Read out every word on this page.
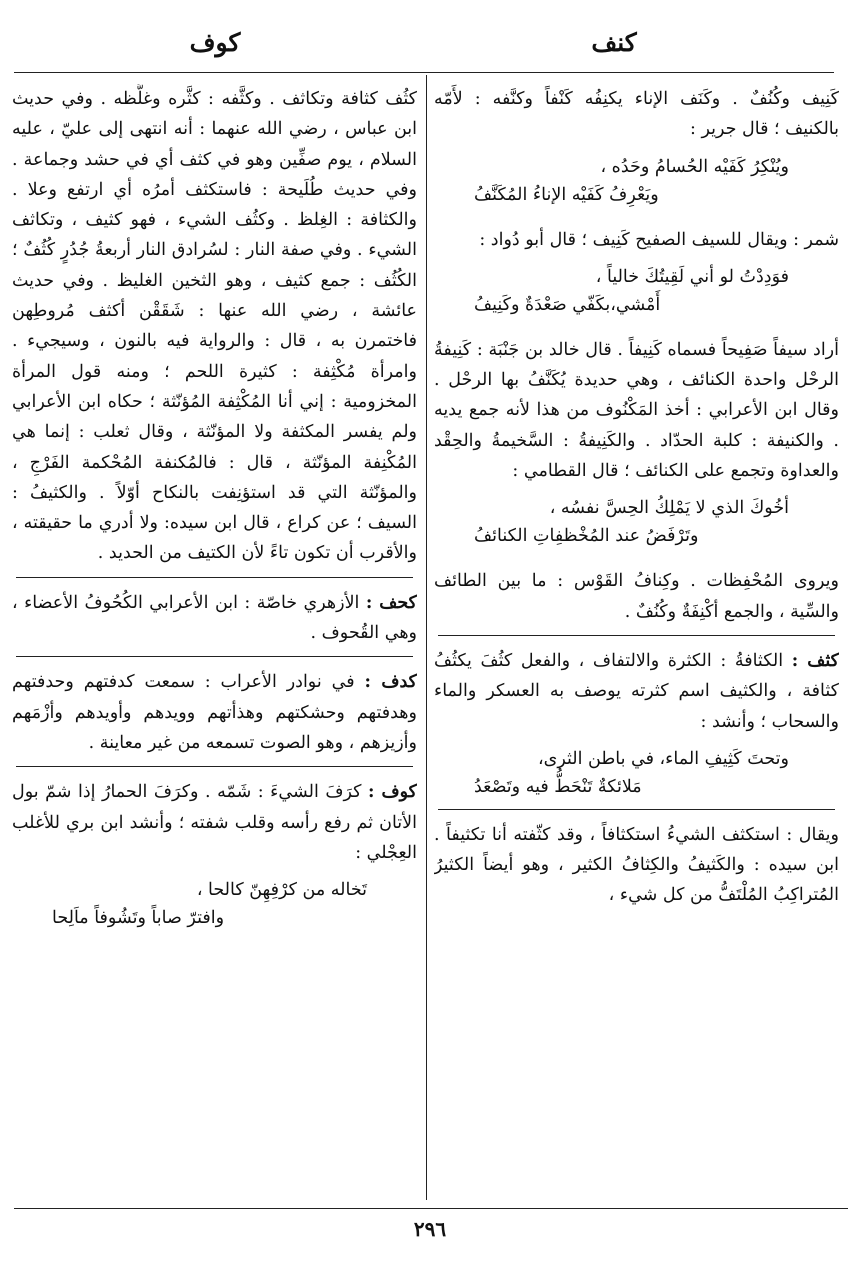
كنف
كوف

كَنِيف وكُنُفٌ . وكَنَف الإناء يكنِفُه كَنْفاً وكنَّفه : لأَمّه بالكنيف ؛ قال جرير :

ويُنْكِرُ كَفَيْه الحُسامُ وحَدُه ،
ويَعْرِفُ كَفَيْه الإناءُ المُكَنَّفُ

شمر : ويقال للسيف الصفيح كَنِيف ؛ قال أبو دُواد :

فوَدِدْتُ لو أني لَقِيتُكَ خالياً ،
أَمْشي،بكَفّي صَعْدَةٌ وكَنِيفُ

أراد سيفاً صَفِيحاً فسماه كَنِيفاً . قال خالد بن جَنْبَة : كَنِيفةُ الرحْل واحدة الكنائف ، وهي حديدة يُكَنَّفُ بها الرحْل . وقال ابن الأعرابي : أخذ المَكْنُوف من هذا لأنه جمع يديه . والكنيفة : كلبة الحدّاد . والكَنِيفةُ : السَّخيمةُ والحِقْد والعداوة وتجمع على الكنائف ؛ قال القطامي :

أخُوكَ الذي لا يَمْلِكُ الحِسَّ نفسُه ،
وتَرْفَضُ عند المُخْظفِاتِ الكنائفُ

ويروى المُحْفِظات . وكِنافُ القَوْس : ما بين الطائف والسِّية ، والجمع أكْنِفَةٌ وكُنُفٌ .

كثف : الكثافةُ : الكثرة والالتفاف ، والفعل كثُفَ يكثُفُ كثافة ، والكثيف اسم كثرته يوصف به العسكر والماء والسحاب ؛ وأنشد :

وتحتَ كَثِيفِ الماء، في باطن الثرى،
مَلائكةٌ تَنْحَطُّ فيه وتَصْعَدُ

ويقال : استكثف الشيءُ استكثافاً ، وقد كثّفته أنا تكثيفاً . ابن سيده : والكَثيفُ والكِثافُ الكثير ، وهو أيضاً الكثيرُ المُتراكِبُ المُلْتَفُّ من كل شيء ،

كثُف كثافة وتكاثف . وكثَّفه : كثَّره وغلَّظه . وفي حديث ابن عباس ، رضي الله عنهما : أنه انتهى إلى عليّ ، عليه السلام ، يوم صفِّين وهو في كثف أي في حشد وجماعة . وفي حديث طُلَيحة : فاستكثف أمرُه أي ارتفع وعلا . والكثافة : الغِلظ . وكثُف الشيء ، فهو كثيف ، وتكاثف الشيء . وفي صفة النار : لسُرادق النار أربعةُ جُدُرٍ كُثُفٌ ؛ الكُثُف : جمع كثيف ، وهو الثخين الغليظ . وفي حديث عائشة ، رضي الله عنها : شَقَقْن أكثف مُروطِهن فاختمرن به ، قال : والرواية فيه بالنون ، وسيجيء . وامرأة مُكْثِفة : كثيرة اللحم ؛ ومنه قول المرأة المخزومية : إني أنا المُكْثِفة المُؤنّثة ؛ حكاه ابن الأعرابي ولم يفسر المكثفة ولا المؤنّثة ، وقال ثعلب : إنما هي المُكْنِفة المؤنّثة ، قال : فالمُكنفة المُحْكمة الفَرْجِ ، والمؤنّثة التي قد استؤنِفت بالنكاح أوّلاً . والكثيفُ : السيف ؛ عن كراع ، قال ابن سيده: ولا أدري ما حقيقته ، والأقرب أن تكون تاءً لأن الكتيف من الحديد .

كحف : الأزهري خاصّة : ابن الأعرابي الكُحُوفُ الأعضاء ، وهي القُحوف .

كدف : في نوادر الأعراب : سمعت كدفتهم وحدفتهم وهدفتهم وحشكتهم وهذأتهم وويدهم وأويدهم وأزْمَهم وأزيزهم ، وهو الصوت تسمعه من غير معاينة .

كوف : كرَفَ الشيءَ : شَمّه . وكرَفَ الحمارُ إذا شمّ بول الأتان ثم رفع رأسه وقلب شفته ؛ وأنشد ابن بري للأغلب العِجْلي :

تَخاله من كرْفِهِنّ كالحا ،
وافترّ صاباً وتَشُوفاً ماَلِحا
٢٩٦
